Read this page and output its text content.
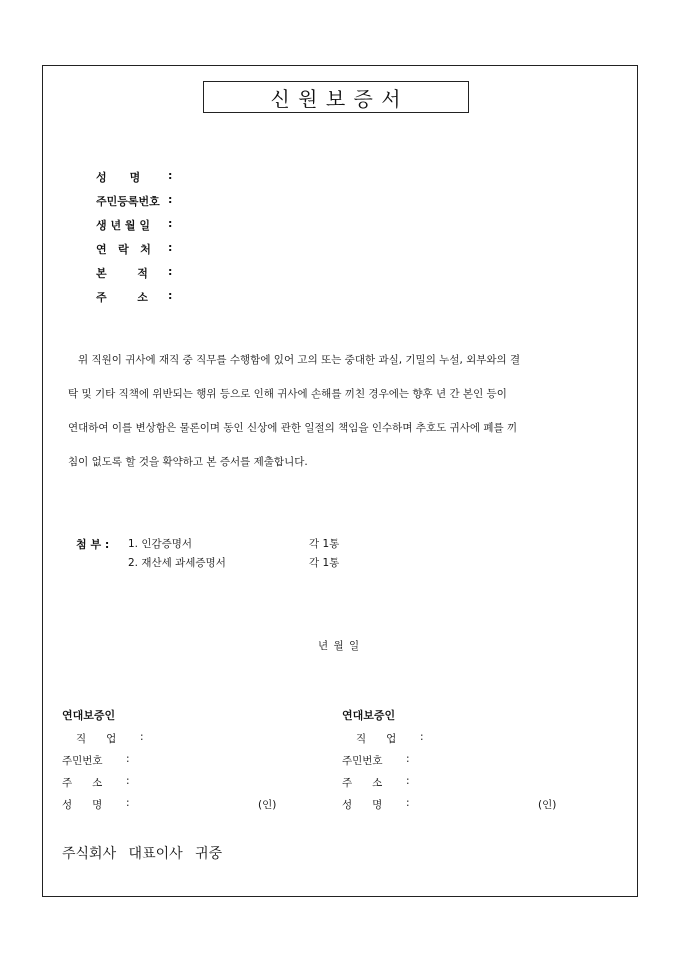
신 원 보 증 서
성      명	:
주민등록번호 :
생 년 월 일 :
연   락   처 :
본        적 :
주        소 :
위 직원이 귀사에 재직 중 직무를 수행함에 있어 고의 또는 중대한 과실, 기밀의 누설, 외부와의 결
탁 및 기타 직책에 위반되는 행위 등으로 인해 귀사에 손해를 끼친 경우에는 향후 년 간 본인 등이
연대하여 이를 변상함은 물론이며 동인 신상에 관한 일절의 책임을 인수하며 추호도 귀사에 폐를 끼
침이 없도록 할 것을 확약하고 본 증서를 제출합니다.
첨 부 : 1. 인감증명서	각 1통
2. 재산세 과세증명서	각 1통
년 월 일
연대보증인
직      업 :
주민번호 :
주      소 :
성      명 :	(인)
연대보증인
직      업 :
주민번호 :
주      소 :
성      명 :	(인)
주식회사 대표이사 귀중
